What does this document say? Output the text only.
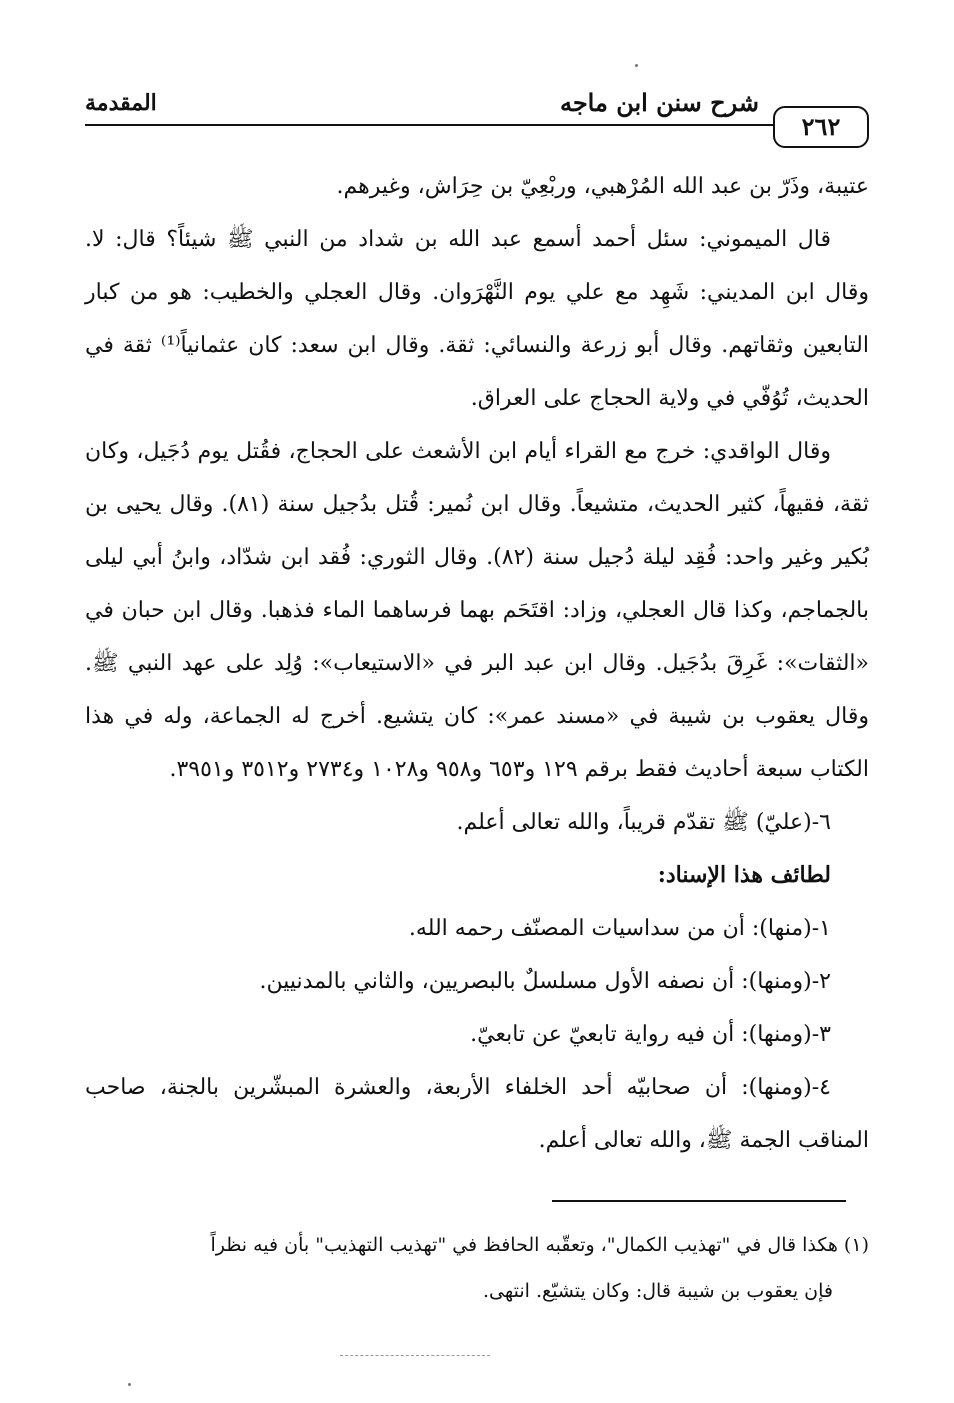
المقدمة	شرح سنن ابن ماجه
٢٦٢

عتيبة، وذَرّ بن عبد الله المُرْهبي، وربْعِيّ بن حِرَاش، وغيرهم.

قال الميموني: سئل أحمد أسمع عبد الله بن شداد من النبي ﷺ شيئاً؟ قال: لا. وقال ابن المديني: شَهِد مع علي يوم النَّهْرَوان. وقال العجلي والخطيب: هو من كبار التابعين وثقاتهم. وقال أبو زرعة والنسائي: ثقة. وقال ابن سعد: كان عثمانياً⁽¹⁾ ثقة في الحديث، تُوُفّي في ولاية الحجاج على العراق.

وقال الواقدي: خرج مع القراء أيام ابن الأشعث على الحجاج، فقُتل يوم دُجَيل، وكان ثقة، فقيهاً، كثير الحديث، متشيعاً. وقال ابن نُمير: قُتل بدُجيل سنة (٨١). وقال يحيى بن بُكير وغير واحد: فُقِد ليلة دُجيل سنة (٨٢). وقال الثوري: فُقد ابن شدّاد، وابنُ أبي ليلى بالجماجم، وكذا قال العجلي، وزاد: اقتَحَم بهما فرساهما الماء فذهبا. وقال ابن حبان في «الثقات»: غَرِقَ بدُجَيل. وقال ابن عبد البر في «الاستيعاب»: وُلِد على عهد النبي ﷺ. وقال يعقوب بن شيبة في «مسند عمر»: كان يتشيع. أخرج له الجماعة، وله في هذا الكتاب سبعة أحاديث فقط برقم ١٢٩ و٦٥٣ و٩٥٨ و١٠٢٨ و٢٧٣٤ و٣٥١٢ و٣٩٥١.

٦-(عليّ) ﷺ تقدّم قريباً، والله تعالى أعلم.

لطائف هذا الإسناد:

١-(منها): أن من سداسيات المصنّف رحمه الله.

٢-(ومنها): أن نصفه الأول مسلسلٌ بالبصريين، والثاني بالمدنيين.

٣-(ومنها): أن فيه رواية تابعيّ عن تابعيّ.

٤-(ومنها): أن صحابيّه أحد الخلفاء الأربعة، والعشرة المبشّرين بالجنة، صاحب المناقب الجمة ﷺ، والله تعالى أعلم.

(١) هكذا قال في "تهذيب الكمال"، وتعقّبه الحافظ في "تهذيب التهذيب" بأن فيه نظراً

فإن يعقوب بن شيبة قال: وكان يتشيّع. انتهى.
